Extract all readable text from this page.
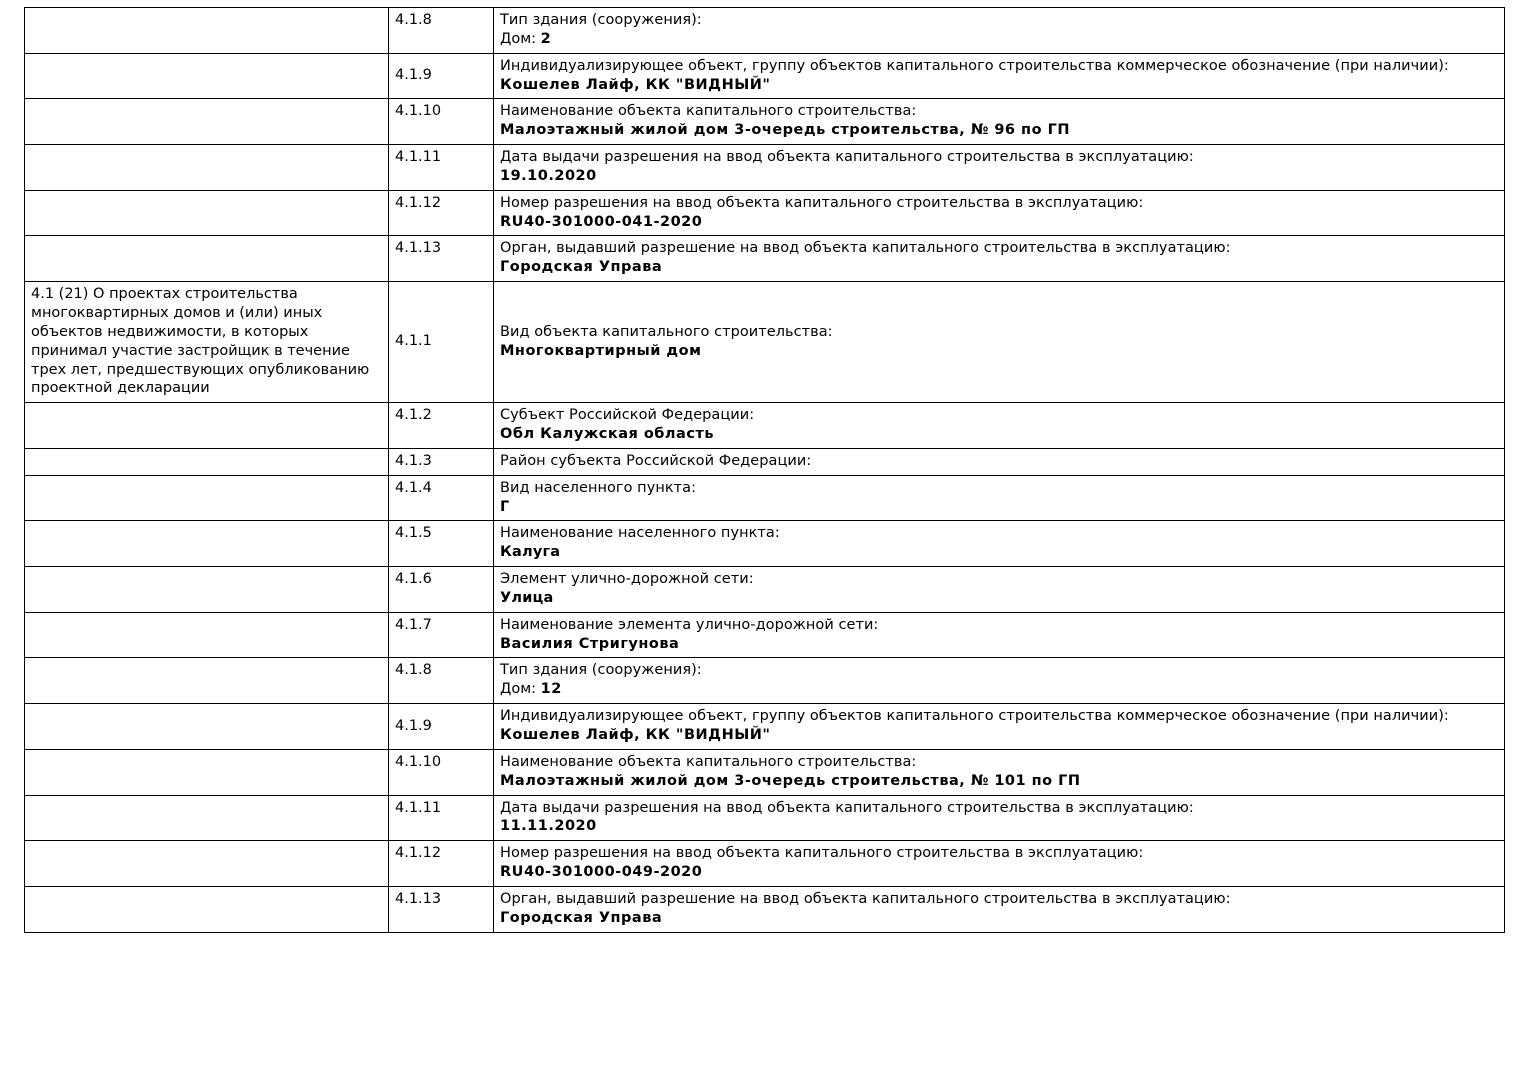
	4.1.8	Тип здания (сооружения):
Дом: 2
	4.1.9	Индивидуализирующее объект, группу объектов капитального строительства коммерческое обозначение (при наличии):
Кошелев Лайф, КК "ВИДНЫЙ"

	4.1.10	Наименование объекта капитального строительства:
Малоэтажный жилой дом 3-очередь строительства, № 96 по ГП

	4.1.11	Дата выдачи разрешения на ввод объекта капитального строительства в эксплуатацию:
19.10.2020

	4.1.12	Номер разрешения на ввод объекта капитального строительства в эксплуатацию:
RU40-301000-041-2020

	4.1.13	Орган, выдавший разрешение на ввод объекта капитального строительства в эксплуатацию:
Городская Управа

4.1 (21) О проектах строительства многоквартирных домов и (или) иных объектов недвижимости, в которых принимал участие застройщик в течение трех лет, предшествующих опубликованию проектной декларации	4.1.1	Вид объекта капитального строительства:
Многоквартирный дом

	4.1.2	Субъект Российской Федерации:
Обл Калужская область

	4.1.3	Район субъекта Российской Федерации:

	4.1.4	Вид населенного пункта:
Г

	4.1.5	Наименование населенного пункта:
Калуга

	4.1.6	Элемент улично-дорожной сети:
Улица

	4.1.7	Наименование элемента улично-дорожной сети:
Василия Стригунова

	4.1.8	Тип здания (сооружения):
Дом: 12
	4.1.9	Индивидуализирующее объект, группу объектов капитального строительства коммерческое обозначение (при наличии):
Кошелев Лайф, КК "ВИДНЫЙ"

	4.1.10	Наименование объекта капитального строительства:
Малоэтажный жилой дом 3-очередь строительства, № 101 по ГП

	4.1.11	Дата выдачи разрешения на ввод объекта капитального строительства в эксплуатацию:
11.11.2020

	4.1.12	Номер разрешения на ввод объекта капитального строительства в эксплуатацию:
RU40-301000-049-2020

	4.1.13	Орган, выдавший разрешение на ввод объекта капитального строительства в эксплуатацию:
Городская Управа
